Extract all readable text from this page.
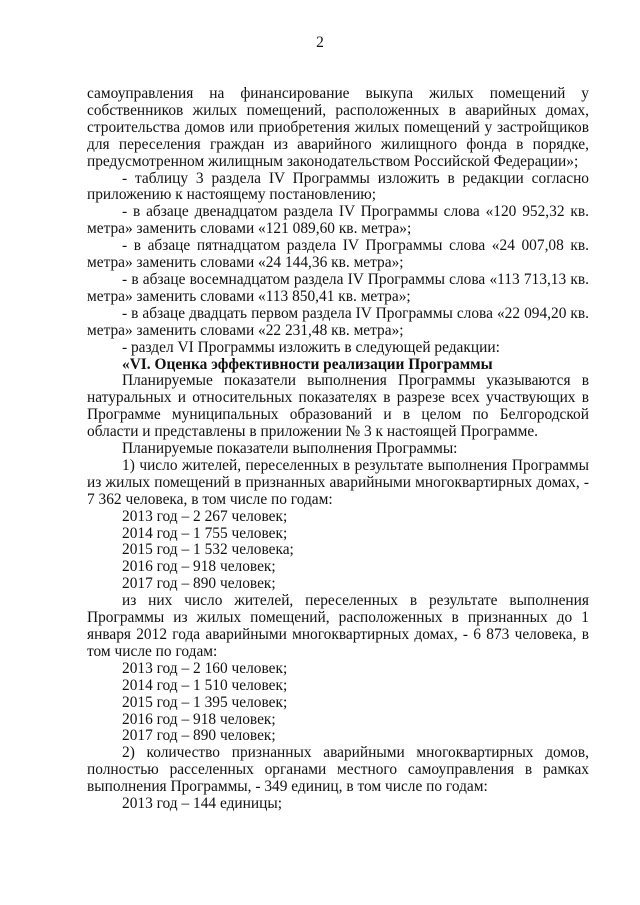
2

самоуправления на финансирование выкупа жилых помещений у собственников жилых помещений, расположенных в аварийных домах, строительства домов или приобретения жилых помещений у застройщиков для переселения граждан из аварийного жилищного фонда в порядке, предусмотренном жилищным законодательством Российской Федерации»;

- таблицу 3 раздела IV Программы изложить в редакции согласно приложению к настоящему постановлению;

- в абзаце двенадцатом раздела IV Программы слова «120 952,32 кв. метра» заменить словами «121 089,60 кв. метра»;

- в абзаце пятнадцатом раздела IV Программы слова «24 007,08 кв. метра» заменить словами «24 144,36 кв. метра»;

- в абзаце восемнадцатом раздела IV Программы слова «113 713,13 кв. метра» заменить словами «113 850,41 кв. метра»;

- в абзаце двадцать первом раздела IV Программы слова «22 094,20 кв. метра» заменить словами «22 231,48 кв. метра»;

- раздел VI Программы изложить в следующей редакции:

«VI. Оценка эффективности реализации Программы

Планируемые показатели выполнения Программы указываются в натуральных и относительных показателях в разрезе всех участвующих в Программе муниципальных образований и в целом по Белгородской области и представлены в приложении № 3 к настоящей Программе.

Планируемые показатели выполнения Программы:

1) число жителей, переселенных в результате выполнения Программы из жилых помещений в признанных аварийными многоквартирных домах, - 7 362 человека, в том числе по годам:

2013 год – 2 267 человек;

2014 год – 1 755 человек;

2015 год – 1 532 человека;

2016 год – 918 человек;

2017 год – 890 человек;

из них число жителей, переселенных в результате выполнения Программы из жилых помещений, расположенных в признанных до 1 января 2012 года аварийными многоквартирных домах, - 6 873 человека, в том числе по годам:

2013 год – 2 160 человек;

2014 год – 1 510 человек;

2015 год – 1 395 человек;

2016 год – 918 человек;

2017 год – 890 человек;

2) количество признанных аварийными многоквартирных домов, полностью расселенных органами местного самоуправления в рамках выполнения Программы, - 349 единиц, в том числе по годам:

2013 год – 144 единицы;
